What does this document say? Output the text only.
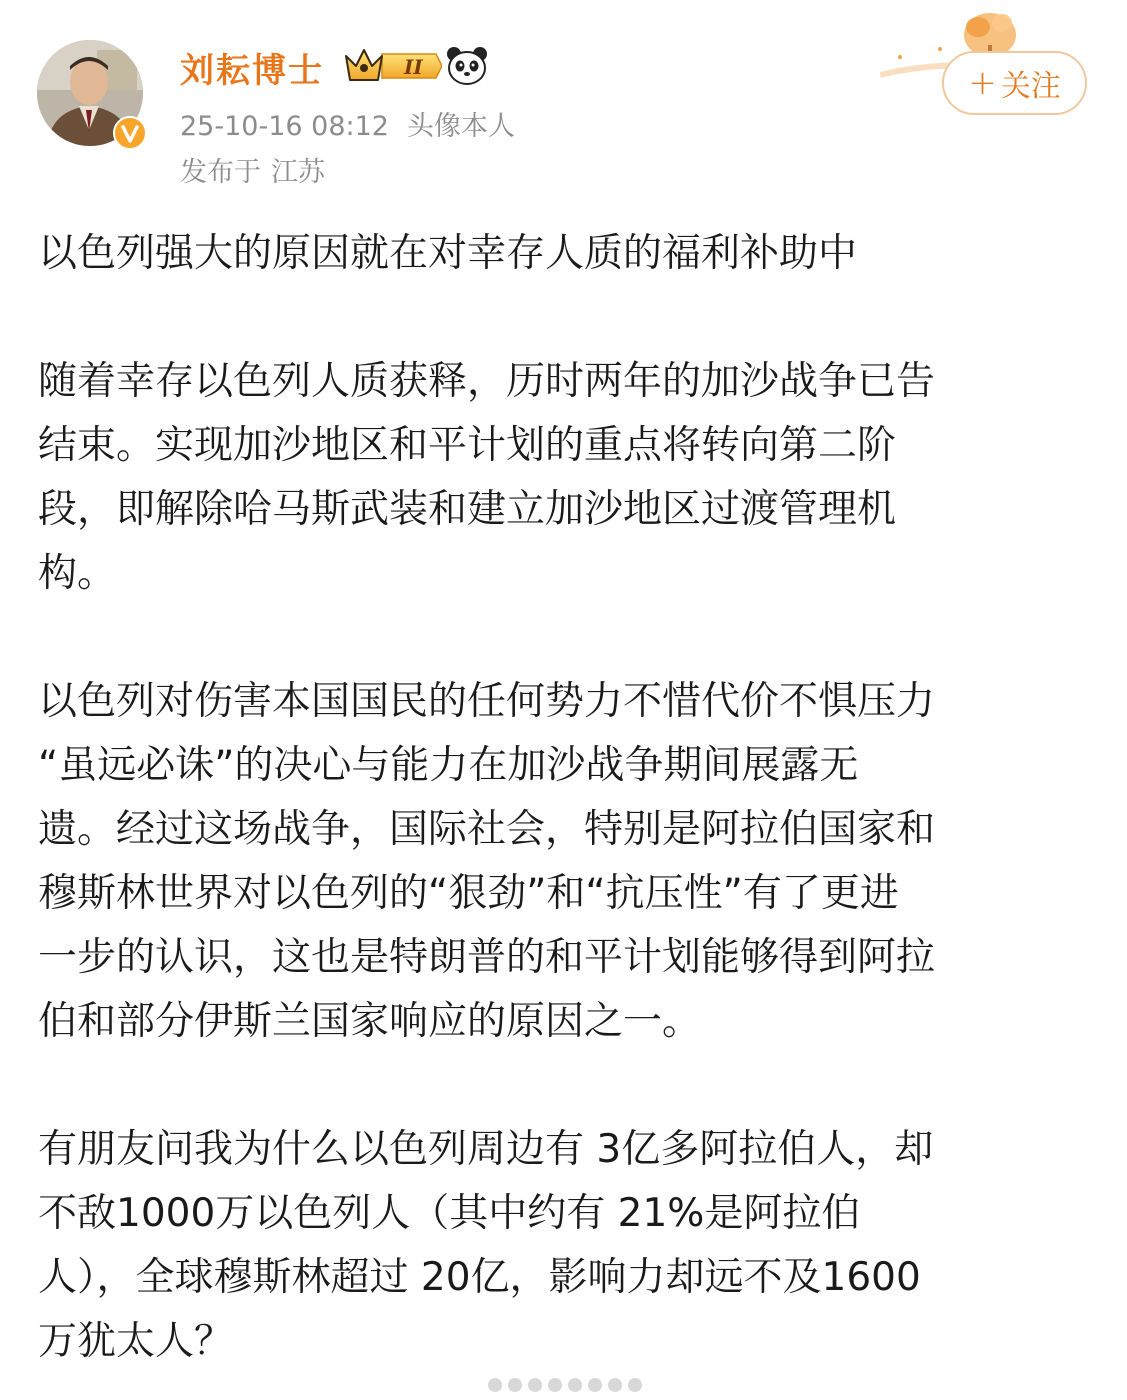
刘耘博士	II
25-10-16 08:12 头像本人
发布于 江苏
+ 关注

以色列强大的原因就在对幸存人质的福利补助中

随着幸存以色列人质获释，历时两年的加沙战争已告

结束。实现加沙地区和平计划的重点将转向第二阶

段，即解除哈马斯武装和建立加沙地区过渡管理机

构。

以色列对伤害本国国民的任何势力不惜代价不惧压力

“虽远必诛”的决心与能力在加沙战争期间展露无

遗。经过这场战争，国际社会，特别是阿拉伯国家和

穆斯林世界对以色列的“狠劲”和“抗压性”有了更进

一步的认识，这也是特朗普的和平计划能够得到阿拉

伯和部分伊斯兰国家响应的原因之一。

有朋友问我为什么以色列周边有 3亿多阿拉伯人，却

不敌1000万以色列人（其中约有 21%是阿拉伯

人），全球穆斯林超过 20亿，影响力却远不及1600

万犹太人？
